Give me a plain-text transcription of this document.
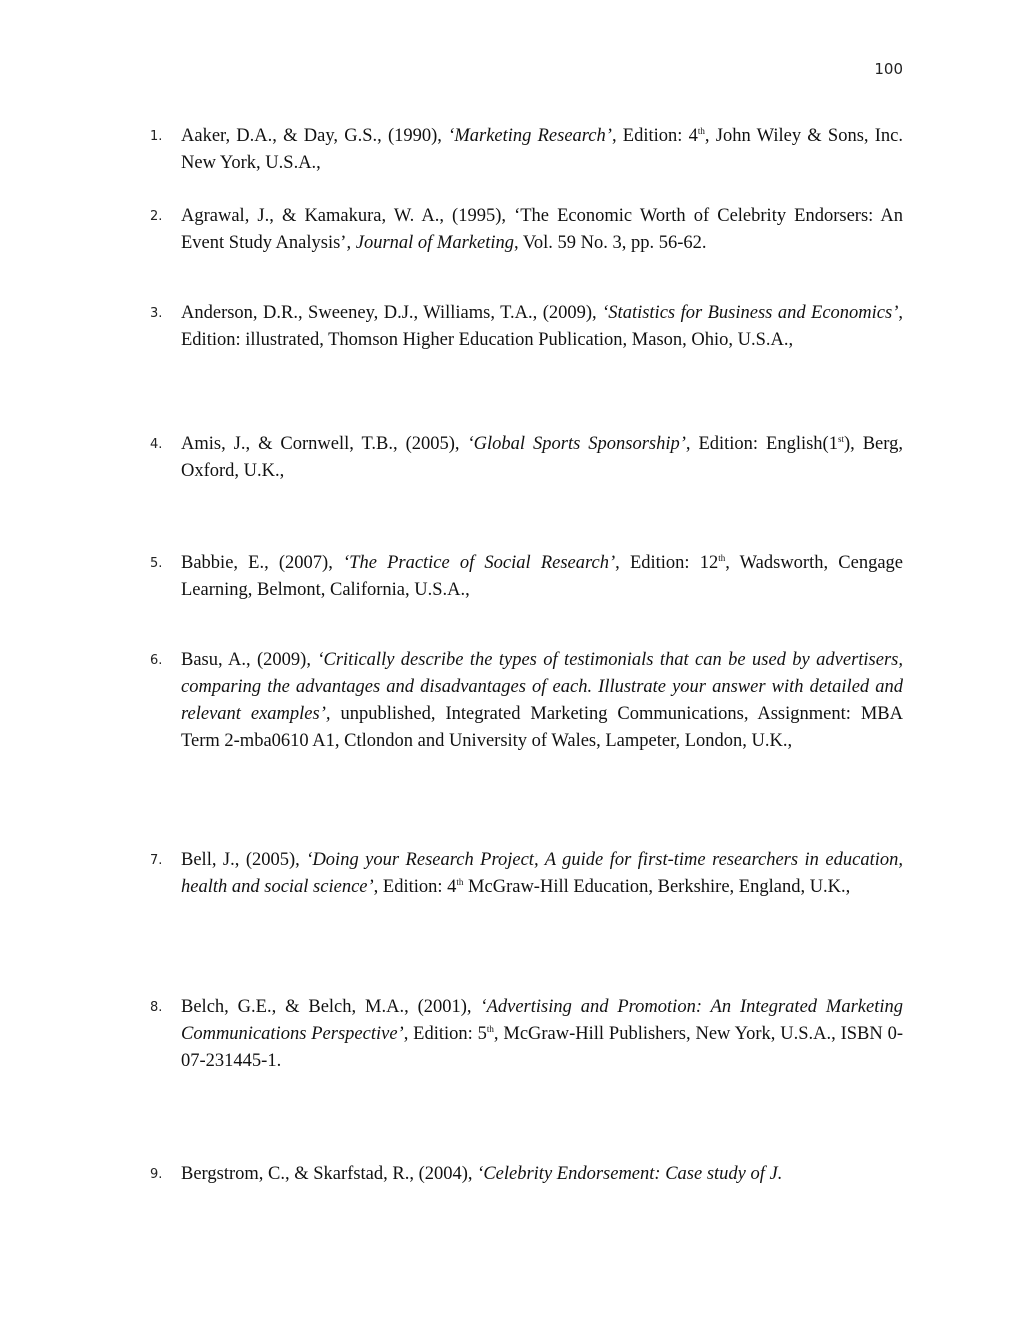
100
1.	Aaker, D.A., & Day, G.S., (1990), ‘Marketing Research’, Edition: 4th, John Wiley & Sons, Inc. New York, U.S.A.,
2.	Agrawal, J., & Kamakura, W. A., (1995), ‘The Economic Worth of Celebrity Endorsers: An Event Study Analysis’, Journal of Marketing, Vol. 59 No. 3, pp. 56-62.
3.	Anderson, D.R., Sweeney, D.J., Williams, T.A., (2009), ‘Statistics for Business and Economics’, Edition: illustrated, Thomson Higher Education Publication, Mason, Ohio, U.S.A.,
4.	Amis, J., & Cornwell, T.B., (2005), ‘Global Sports Sponsorship’, Edition: English(1st), Berg, Oxford, U.K.,
5.	Babbie, E., (2007), ‘The Practice of Social Research’, Edition: 12th, Wadsworth, Cengage Learning, Belmont, California, U.S.A.,
6.	Basu, A., (2009), ‘Critically describe the types of testimonials that can be used by advertisers, comparing the advantages and disadvantages of each. Illustrate your answer with detailed and relevant examples’, unpublished, Integrated Marketing Communications, Assignment: MBA Term 2-mba0610 A1, Ctlondon and University of Wales, Lampeter, London, U.K.,
7.	Bell, J., (2005), ‘Doing your Research Project, A guide for first-time researchers in education, health and social science’, Edition: 4th McGraw-Hill Education, Berkshire, England, U.K.,
8.	Belch, G.E., & Belch, M.A., (2001), ‘Advertising and Promotion: An Integrated Marketing Communications Perspective’, Edition: 5th, McGraw-Hill Publishers, New York, U.S.A., ISBN 0-07-231445-1.
9.	Bergstrom, C., & Skarfstad, R., (2004), ‘Celebrity Endorsement: Case study of J.
